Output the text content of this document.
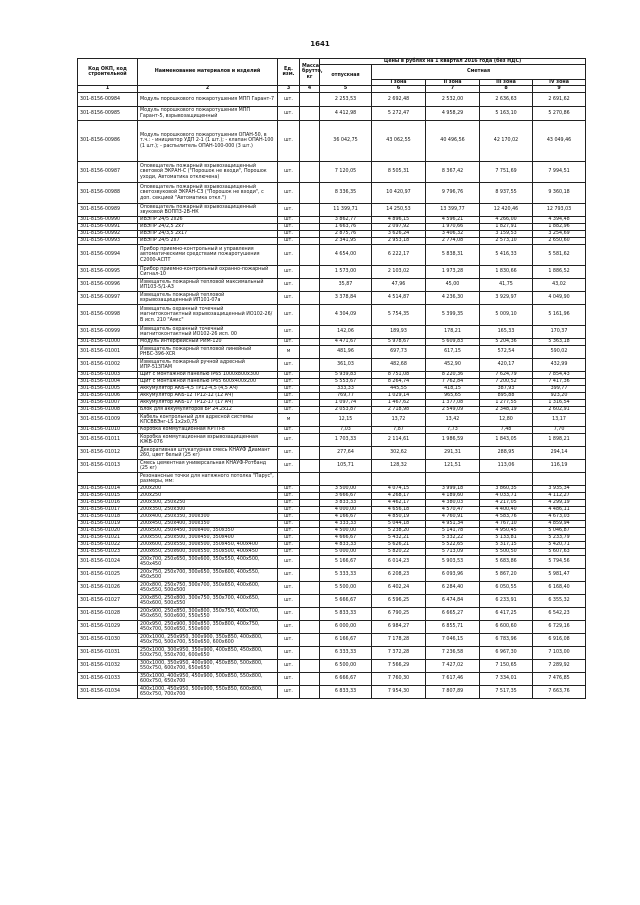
1641
Код ОКП, код строительной	Наименование материалов и изделий	Ед. изм.	Масса брутто, кг	Цены в рублях на 1 квартал 2016 года (без НДС)				
				отпускная	Сметная			
					I зона	II зона	III зона	IV зона
1	2	3	4	5	6	7	8	9
301-8156-00984	Модуль порошкового пожаротушения МПП Гарант-7	шт.		2 253,53	2 692,48	2 532,00	2 636,63	2 691,62
301-8156-00985	Модуль порошкового пожаротушения МПП Гарант-5, взрывозащищенный	шт.		4 412,98	5 272,47	4 958,29	5 163,10	5 270,86
301-8156-00986	Модуль порошкового пожаротушения ОПАН-50, в т.ч.: - инициатор УДП 2-1 (1 шт.); - клапан ОПАН-100 (1 шт.); - распылитель ОПАН-100-000 (3 шт.)	шт.		36 042,75	43 062,55	40 496,56	42 170,02	43 049,46
301-8156-00987	Оповещатель пожарный взрывозащищенный световой ЭКРАН-С ("Порошок не входи", Порошок уходи, Автоматика отключена)	шт.		7 120,05	8 505,31	8 367,42	7 751,69	7 994,51
301-8156-00988	Оповещатель пожарный взрывозащищенный светозвуковой ЭКРАН-СЗ ("Порошок не входи", с доп. секцией "Автоматика откл.")	шт.		8 336,35	10 420,97	9 796,76	8 937,55	9 360,18
301-8156-00989	Оповещатель пожарный взрывозащищенный звуковой ВОПП3-2В-НК	шт.		11 399,71	14 250,53	13 399,77	12 420,46	12 793,03
301-8156-00990	ИВЭПР 24/5 2x26	шт.		3 862,77	4 896,15	4 596,21	4 266,00	4 394,48
301-8156-00991	ИВЭПР 24/2,5 2x7	шт.		1 663,76	2 097,92	1 970,66	1 827,91	1 882,96
301-8156-00992	ИВЭПР 24/3,5 2x17	шт.		2 875,76	3 626,24	3 406,32	3 159,53	3 254,69
301-8156-00993	ИВЭПР 24/5 2x7	шт.		2 341,95	2 953,18	2 774,08	2 573,10	2 650,60
301-8156-00994	Прибор приемно-контрольный и управления автоматическими средствами пожаротушения С2000-АСПТ	шт.		4 654,00	6 222,17	5 838,31	5 416,33	5 581,62
301-8156-00995	Прибор приемно-контрольный охранно-пожарный Сигнал-10	шт.		1 573,00	2 103,02	1 973,28	1 830,66	1 886,52
301-8156-00996	Извещатель пожарный тепловой максимальный ИП103-5/1-А3	шт.		35,87	47,96	45,00	41,75	43,02
301-8156-00997	Извещатель пожарный тепловой взрывозащищенный ИП101-07а	шт.		3 378,84	4 514,87	4 236,30	3 929,97	4 049,90
301-8156-00998	Извещатель охранный точечный магнитоконтактный взрывозащищенный ИО102-26/В исп. 210 "Аякс"	шт.		4 304,09	5 754,35	5 399,35	5 009,10	5 161,96
301-8156-00999	Извещатель охранный точечный магнитоконтактный ИО102-26 исп. 00	шт.		142,06	189,93	178,21	165,33	170,37
301-8156-01000	Модуль интерфейсный РИМ-120	шт.		4 471,67	5 978,67	5 609,83	5 204,36	5 363,18
301-8156-01001	Извещатель пожарный тепловой линейный РНБС-396-XCR	м		481,96	697,73	617,15	572,54	590,02
301-8156-01002	Извещатель пожарный ручной адресный ИПР-513ПАМ	шт.		361,03	482,68	452,90	420,17	432,99
301-8156-01003	Щит с монтажной панелью IP65 1000x800x300	шт.		5 939,83	8 751,08	8 220,36	7 624,79	7 854,43
301-8156-01004	Щит с монтажной панелью IP65 600x400x200	шт.		5 553,67	8 264,74	7 762,84	7 200,52	7 417,36
301-8156-01005	Аккумулятор АКБ-4,5 ТР12-4,5 (4,5 АЧ)	шт.		333,33	445,55	418,15	387,93	399,77
301-8156-01006	Аккумулятор АКБ-12 ТР12-12 (12 АЧ)	шт.		769,77	1 029,14	965,65	895,88	923,20
301-8156-01007	Аккумулятор АКБ-17 ТР12-17 (17 АЧ)	шт.		1 097,74	1 467,62	1 377,08	1 277,55	1 316,54
301-8156-01008	Блок для аккумуляторов БР 24.2x12	шт.		2 053,87	2 718,98	2 549,09	2 348,19	2 602,91
301-8156-01009	Кабель контрольный для адресной системы КПСВВЭнг-LS 1х2х0,75	м		12,15	13,72	13,42	12,80	13,17
301-8156-01010	Коробка коммутационная КРТП-8	шт.		7,03	7,87	7,73	7,48	7,70
301-8156-01011	Коробка коммутационная взрывозащищенная КЖВ-076	шт.		1 703,33	2 114,61	1 986,59	1 843,05	1 898,21
301-8156-01012	Декоративная штукатурная смесь КНАУФ Диамант 260, цвет белый (25 кг)	шт.		277,64	302,62	291,31	288,95	294,14
301-8156-01013	Смесь цементная универсальная КНАУФ-Ротбанд (25 кг)	шт.		105,71	128,32	121,51	113,06	116,19
	Резонансные точки для натяжного потолка "Парус", размеры, мм:							
301-8156-01014	200x200	шт.		3 500,00	4 074,15	3 999,18	3 860,35	3 935,34
301-8156-01015	200x250	шт.		3 666,67	4 268,17	4 189,60	4 033,71	4 112,27
301-8156-01016	200x300, 250x250	шт.		3 833,33	4 462,17	4 380,03	4 217,05	4 299,19
301-8156-01017	200x350, 250x300	шт.		4 000,00	4 656,18	4 570,47	4 400,40	4 486,11
301-8156-01018	200x400, 250x350, 300x300	шт.		4 166,67	4 850,19	4 760,91	4 583,76	4 673,03
301-8156-01019	200x450, 250x400, 300x350	шт.		4 333,33	5 044,18	4 951,34	4 767,10	4 859,94
301-8156-01020	200x500, 250x450, 300x400, 350x350	шт.		4 500,00	5 238,20	5 141,78	4 950,45	5 046,87
301-8156-01021	200x550, 250x500, 300x450, 350x400	шт.		4 666,67	5 432,21	5 332,22	5 133,81	5 233,79
301-8156-01022	200x600, 250x550, 300x500, 350x450, 400x400	шт.		4 833,33	5 626,21	5 522,65	5 317,15	5 420,71
301-8156-01023	200x650, 250x600, 300x550, 350x500, 400x450	шт.		5 000,00	5 820,22	5 713,09	5 500,50	5 607,63
301-8156-01024	200x700, 250x650, 300x600, 350x550, 400x500, 450x450	шт.		5 166,67	6 014,23	5 903,53	5 683,86	5 794,56
301-8156-01025	200x750, 250x700, 300x650, 350x600, 400x550, 450x500	шт.		5 333,33	6 208,23	6 093,96	5 867,20	5 981,47
301-8156-01026	200x800, 250x750, 300x700, 350x650, 400x600, 450x550, 500x500	шт.		5 500,00	6 402,24	6 284,40	6 050,55	6 168,40
301-8156-01027	200x850, 250x800, 300x750, 350x700, 400x650, 450x600, 500x550	шт.		5 666,67	6 596,25	6 474,84	6 233,91	6 355,32
301-8156-01028	200x900, 250x850, 300x800, 350x750, 400x700, 450x650, 500x600, 550x550	шт.		5 833,33	6 790,25	6 665,27	6 417,25	6 542,23
301-8156-01029	200x950, 250x900, 300x850, 350x800, 400x750, 450x700, 500x650, 550x600	шт.		6 000,00	6 984,27	6 855,71	6 600,60	6 729,16
301-8156-01030	200x1000, 250x950, 300x900, 350x850, 400x800, 450x750, 500x700, 550x650, 600x600	шт.		6 166,67	7 178,28	7 046,15	6 783,96	6 916,08
301-8156-01031	250x1000, 300x950, 350x900, 400x850, 450x800, 500x750, 550x700, 600x650	шт.		6 333,33	7 372,28	7 236,58	6 967,30	7 103,00
301-8156-01032	300x1000, 350x950, 400x900, 450x850, 500x800, 550x750, 600x700, 650x650	шт.		6 500,00	7 566,29	7 427,02	7 150,65	7 289,92
301-8156-01033	350x1000, 400x950, 450x900, 500x850, 550x800, 600x750, 650x700	шт.		6 666,67	7 760,30	7 617,46	7 334,01	7 476,85
301-8156-01034	400x1000, 450x950, 500x900, 550x850, 600x800, 650x750, 700x700	шт.		6 833,33	7 954,30	7 807,89	7 517,35	7 663,76
